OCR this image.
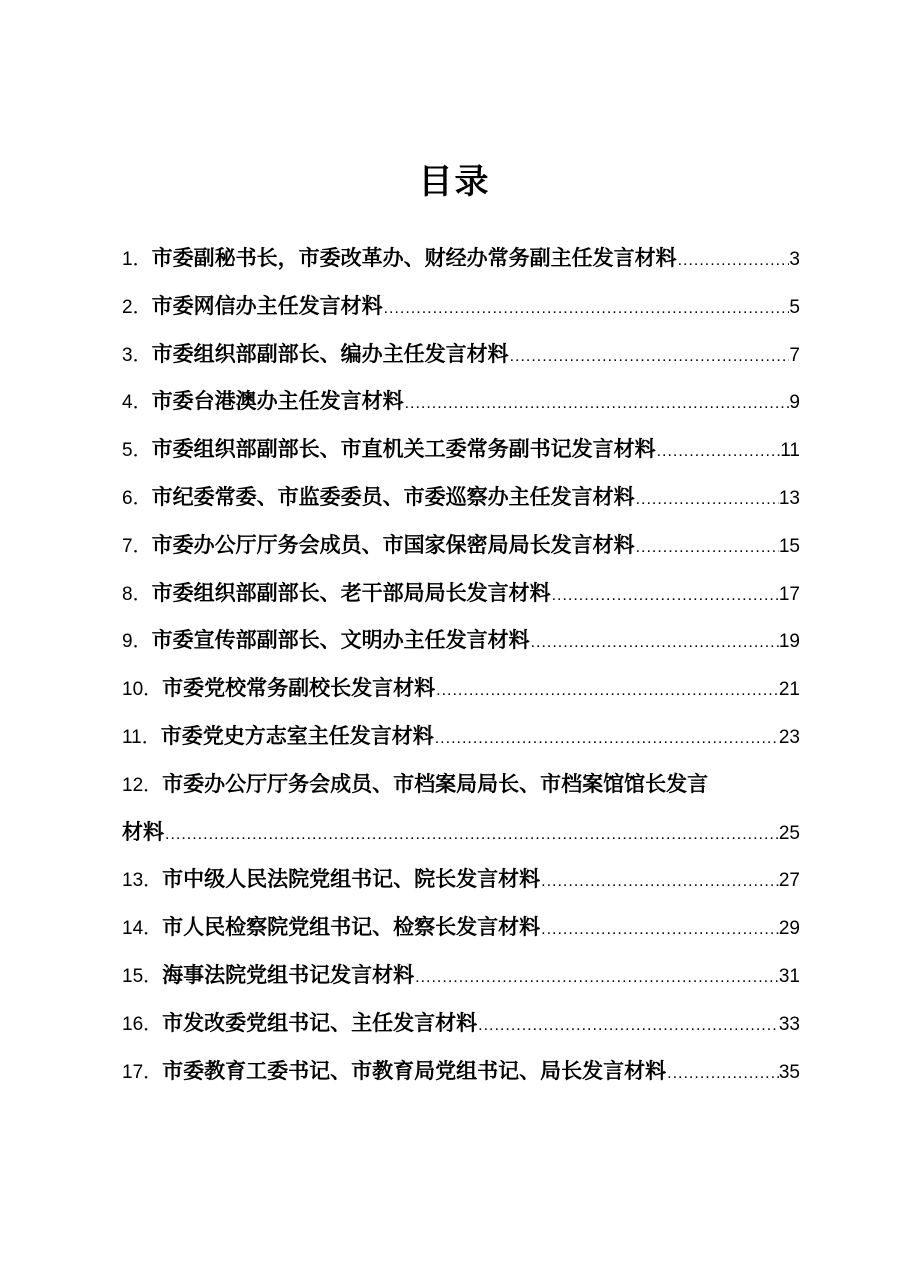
目录
1． 市委副秘书长，市委改革办、财经办常务副主任发言材料 .....	3
2． 市委网信办主任发言材料 .....	5
3． 市委组织部副部长、编办主任发言材料 .....	7
4． 市委台港澳办主任发言材料 .....	9
5． 市委组织部副部长、市直机关工委常务副书记发言材料 .....	11
6． 市纪委常委、市监委委员、市委巡察办主任发言材料 .....	13
7． 市委办公厅厅务会成员、市国家保密局局长发言材料 .....	15
8． 市委组织部副部长、老干部局局长发言材料 .....	17
9． 市委宣传部副部长、文明办主任发言材料 .....	19
10． 市委党校常务副校长发言材料 .....	21
11． 市委党史方志室主任发言材料 .....	23
12． 市委办公厅厅务会成员、市档案局局长、市档案馆馆长发言
材料 .....	25
13． 市中级人民法院党组书记、院长发言材料 .....	27
14． 市人民检察院党组书记、检察长发言材料 .....	29
15． 海事法院党组书记发言材料 .....	31
16． 市发改委党组书记、主任发言材料 .....	33
17． 市委教育工委书记、市教育局党组书记、局长发言材料 .....	35
